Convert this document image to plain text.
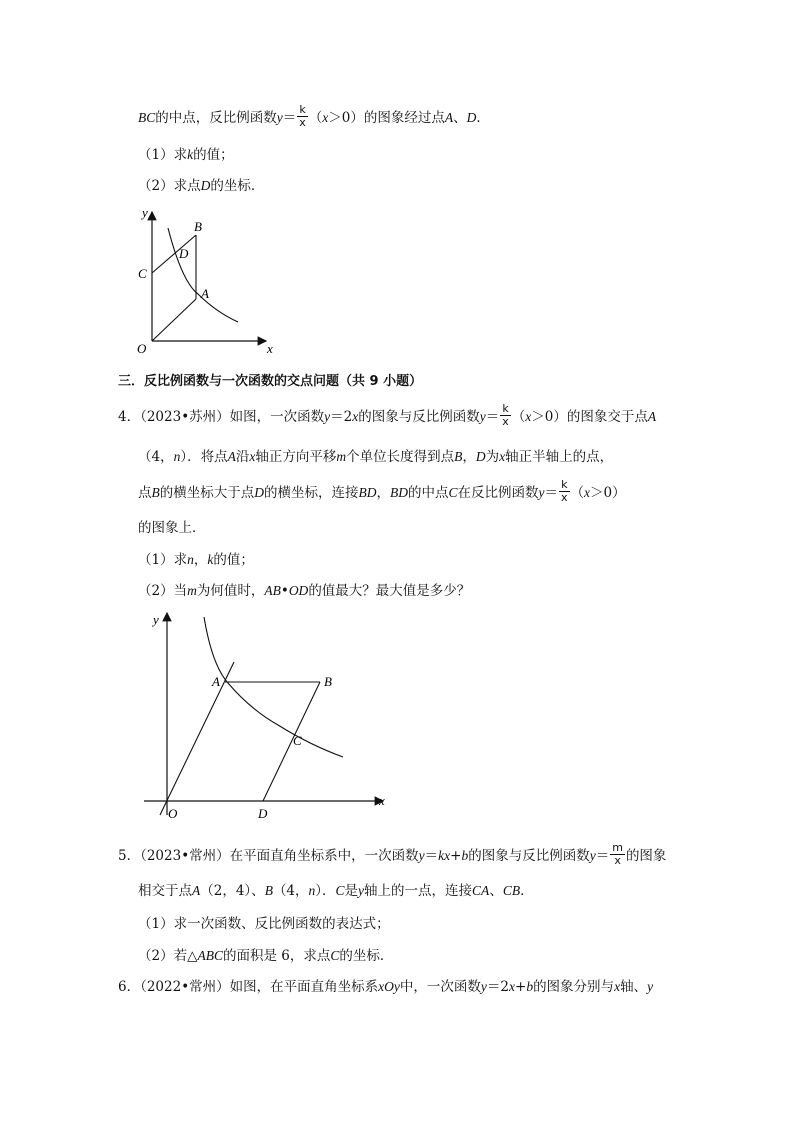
BC的中点，反比例函数$y= \frac{k}{x} (x>0)$的图象经过点A、D．
（1）求k的值；
（2）求点D的坐标．
y
B
D
C
A
O	x
三．反比例函数与一次函数的交点问题（共 9 小题）
4．（2023•苏州）如图，一次函数y＝2x的图象与反比例函数$y= \frac{k}{x} (x>0)$的图象交于点A
（4，n）．将点A沿x轴正方向平移m个单位长度得到点B，D为x轴正半轴上的点，
点B的横坐标大于点D的横坐标，连接BD，BD的中点C在反比例函数$y= \frac{k}{x} (x>0)$
的图象上．
（1）求n，k的值；
（2）当m为何值时，AB•OD的值最大？最大值是多少？
y
A	B
C
O	D
x
5．（2023•常州）在平面直角坐标系中，一次函数y＝kx+b的图象与反比例函数$y= \frac{m}{x}$ 的图象
相交于点A（2，4）、B（4，n）．C是y轴上的一点，连接CA、CB．
（1）求一次函数、反比例函数的表达式；
（2）若△ABC的面积是 6，求点C的坐标．
6．（2022•常州）如图，在平面直角坐标系xOy中，一次函数y＝2x+b的图象分别与x轴、y
